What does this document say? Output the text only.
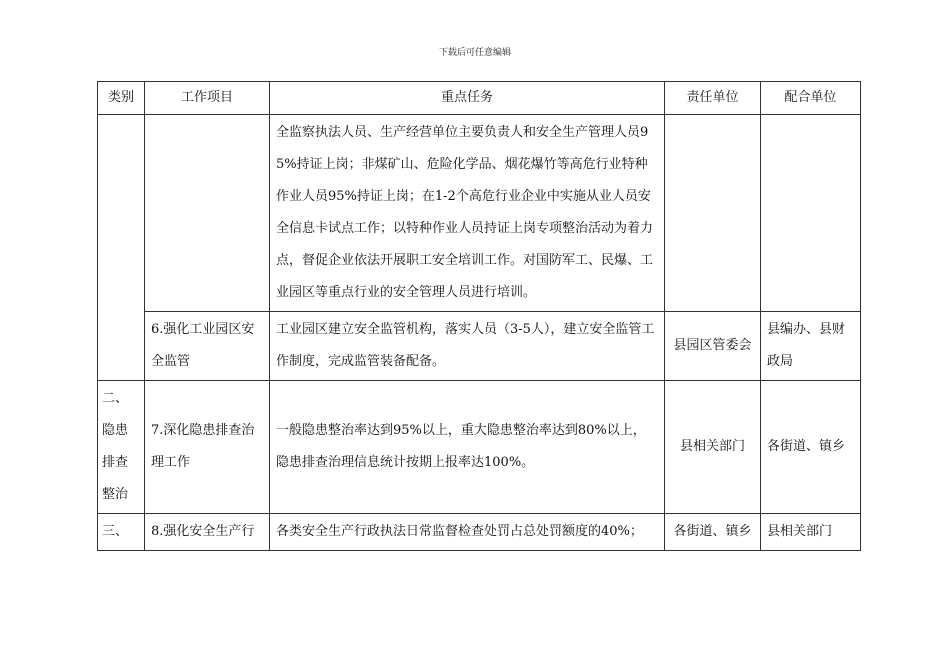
下载后可任意编辑
类别	工作项目	重点任务	责任单位	配合单位
		全监察执法人员、生产经营单位主要负责人和安全生产管理人员95%持证上岗；非煤矿山、危险化学品、烟花爆竹等高危行业特种作业人员95%持证上岗；在1-2个高危行业企业中实施从业人员安全信息卡试点工作；以特种作业人员持证上岗专项整治活动为着力点，督促企业依法开展职工安全培训工作。对国防军工、民爆、工业园区等重点行业的安全管理人员进行培训。		
	6.强化工业园区安全监管	工业园区建立安全监管机构，落实人员（3-5人），建立安全监管工作制度，完成监管装备配备。	县园区管委会	县编办、县财政局
二、隐患排查整治	7.深化隐患排查治理工作	一般隐患整治率达到95%以上，重大隐患整治率达到80%以上，隐患排查治理信息统计按期上报率达100%。	县相关部门	各街道、镇乡
三、	8.强化安全生产行	各类安全生产行政执法日常监督检查处罚占总处罚额度的40%；	各街道、镇乡	县相关部门
